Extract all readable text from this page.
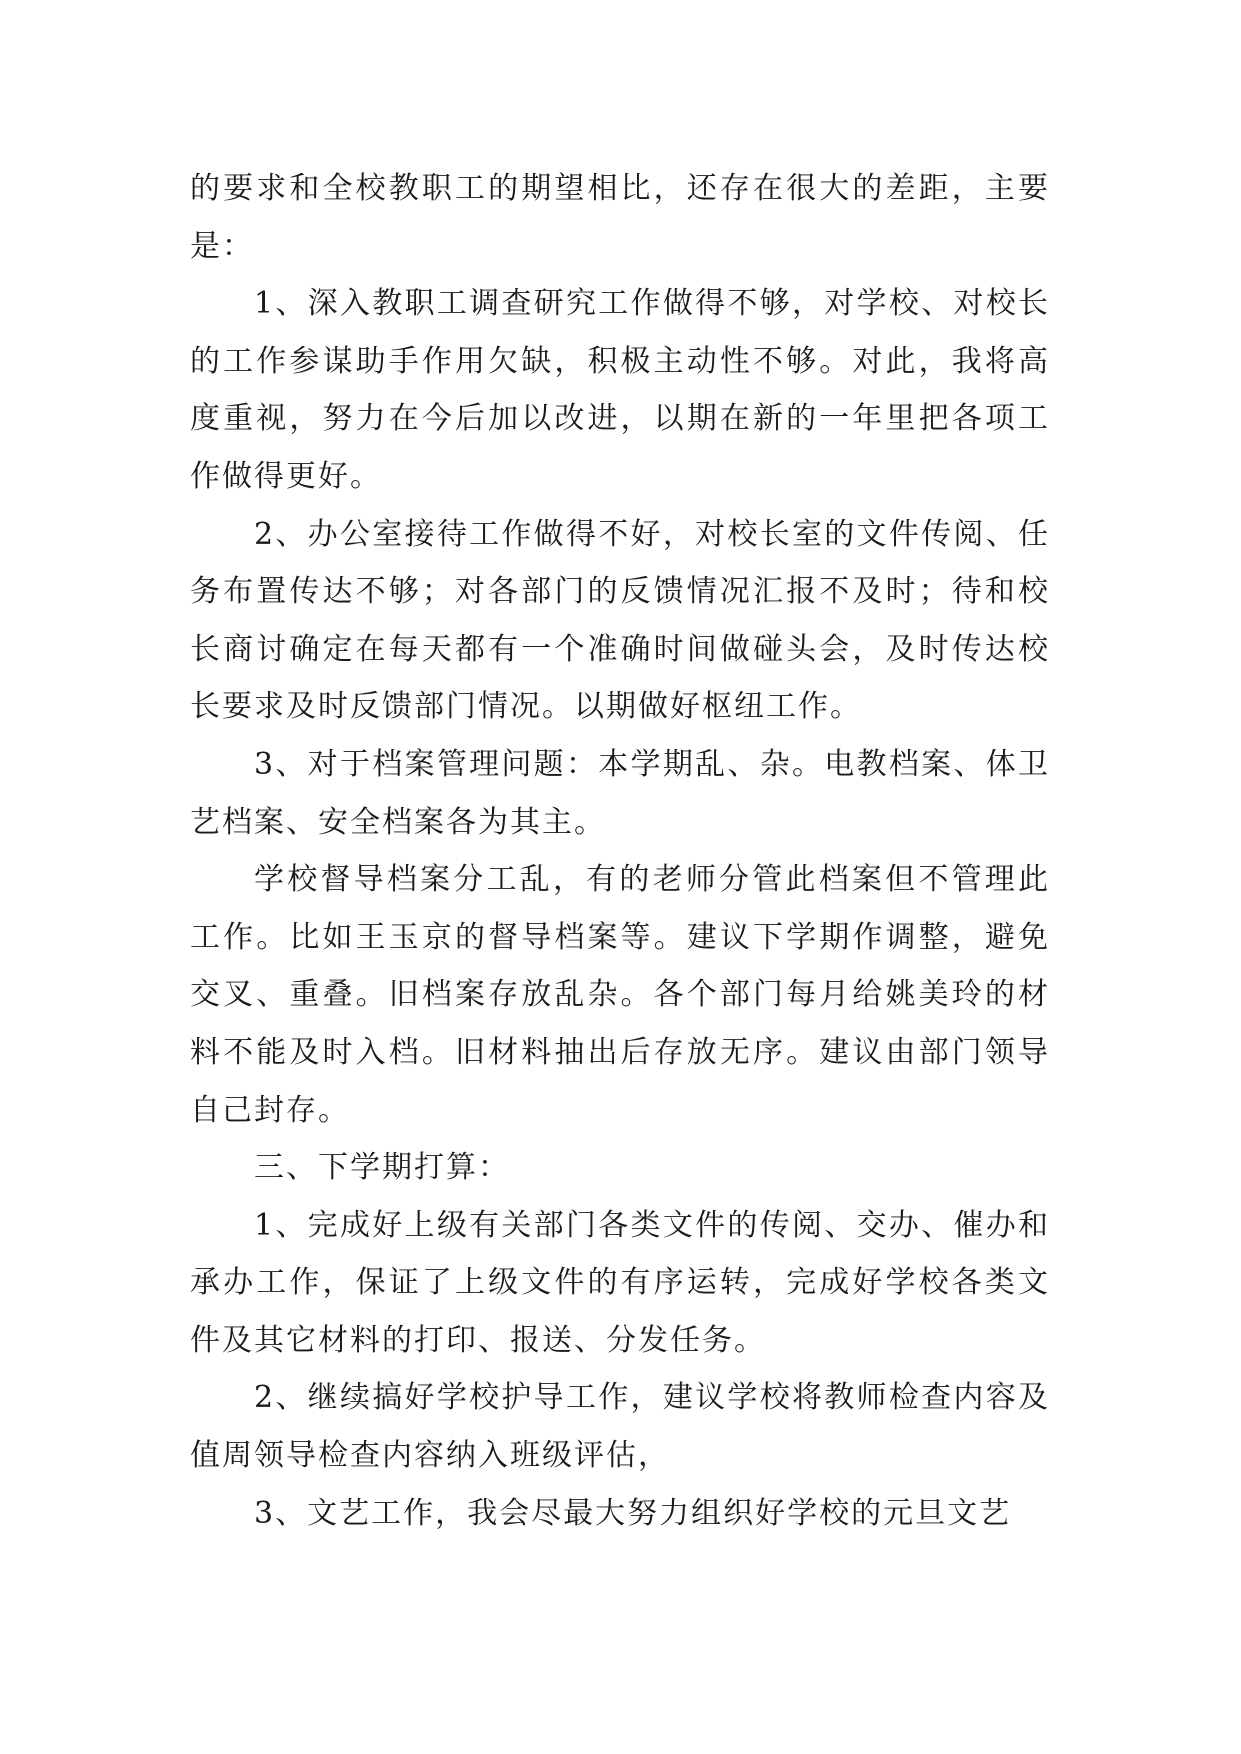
的要求和全校教职工的期望相比，还存在很大的差距，主要是：

1、深入教职工调查研究工作做得不够，对学校、对校长的工作参谋助手作用欠缺，积极主动性不够。对此，我将高度重视，努力在今后加以改进，以期在新的一年里把各项工作做得更好。

2、办公室接待工作做得不好，对校长室的文件传阅、任务布置传达不够；对各部门的反馈情况汇报不及时；待和校长商讨确定在每天都有一个准确时间做碰头会，及时传达校长要求及时反馈部门情况。以期做好枢纽工作。

3、对于档案管理问题：本学期乱、杂。电教档案、体卫艺档案、安全档案各为其主。

学校督导档案分工乱，有的老师分管此档案但不管理此工作。比如王玉京的督导档案等。建议下学期作调整，避免交叉、重叠。旧档案存放乱杂。各个部门每月给姚美玲的材料不能及时入档。旧材料抽出后存放无序。建议由部门领导自己封存。

三、下学期打算：

1、完成好上级有关部门各类文件的传阅、交办、催办和承办工作，保证了上级文件的有序运转，完成好学校各类文件及其它材料的打印、报送、分发任务。

2、继续搞好学校护导工作，建议学校将教师检查内容及值周领导检查内容纳入班级评估，

3、文艺工作，我会尽最大努力组织好学校的元旦文艺
